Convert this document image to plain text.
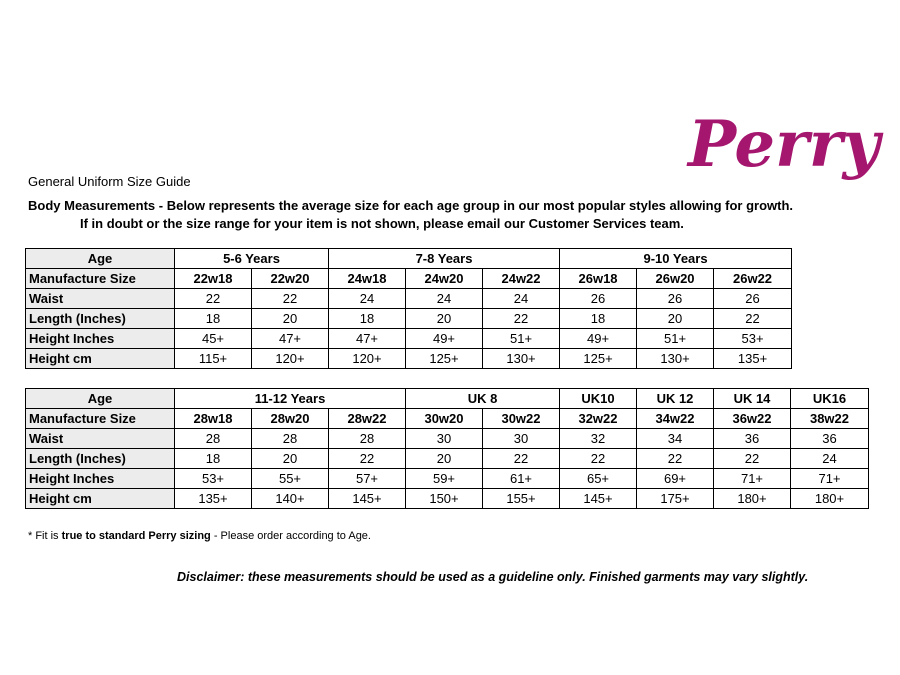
Perry
General Uniform Size Guide
Body Measurements - Below represents the average size for each age group in our most popular styles allowing for growth.
If in doubt or the size range for your item is not shown, please email our Customer Services team.
Age	5-6 Years		7-8 Years			9-10 Years		
Manufacture Size	22w18	22w20	24w18	24w20	24w22	26w18	26w20	26w22
Waist	22	22	24	24	24	26	26	26
Length (Inches)	18	20	18	20	22	18	20	22
Height Inches	45+	47+	47+	49+	51+	49+	51+	53+
Height cm	115+	120+	120+	125+	130+	125+	130+	135+
Age	11-12 Years			UK 8		UK10	UK 12	UK 14	UK16
Manufacture Size	28w18	28w20	28w22	30w20	30w22	32w22	34w22	36w22	38w22
Waist	28	28	28	30	30	32	34	36	36
Length (Inches)	18	20	22	20	22	22	22	22	24
Height Inches	53+	55+	57+	59+	61+	65+	69+	71+	71+
Height cm	135+	140+	145+	150+	155+	145+	175+	180+	180+
* Fit is true to standard Perry sizing - Please order according to Age.
Disclaimer: these measurements should be used as a guideline only. Finished garments may vary slightly.
